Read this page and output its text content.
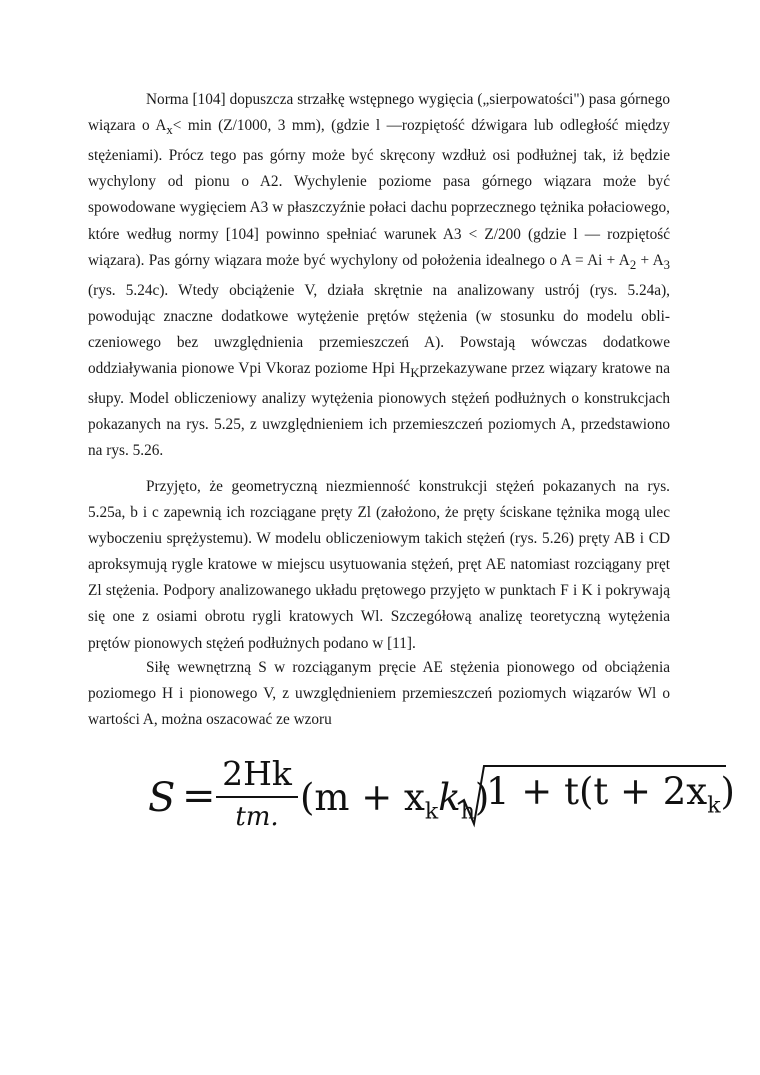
Norma [104] dopuszcza strzałkę wstępnego wygięcia („sierpowatości") pasa górnego wiązara o $A_x< \min (Z/1000$, 3 mm), (gdzie l —rozpiętość dźwigara lub odległość między stężeniami). Prócz tego pas górny może być skręcony wzdłuż osi podłużnej tak, iż będzie wychylony od pionu o A2. Wychylenie poziome pasa górnego wiązara może być spowodowane wygięciem A3 w płaszczyźnie połaci dachu poprzecznego tężnika połaciowego, które według normy [104] powinno spełniać warunek A3 < Z/200 (gdzie l — rozpiętość wiązara). Pas górny wiązara może być wychylony od położenia idealnego o $A = Ai + A_2 + A_3$ (rys. 5.24c). Wtedy obciążenie V, działa skrętnie na analizowany ustrój (rys. 5.24a), powodując znaczne dodatkowe wytężenie prętów stężenia (w stosunku do modelu obli-czeniowego bez uwzględnienia przemieszczeń A). Powstają wówczas dodatkowe oddziaływania pionowe Vpi Vkoraz poziome Hpi $H_Kprzekazywane$ przez wiązary kratowe na słupy. Model obliczeniowy analizy wytężenia pionowych stężeń podłużnych o konstrukcjach pokazanych na rys. 5.25, z uwzględnieniem ich przemieszczeń poziomych A, przedstawiono na rys. 5.26.

Przyjęto, że geometryczną niezmienność konstrukcji stężeń pokazanych na rys. 5.25a, b i c zapewnią ich rozciągane pręty Zl (założono, że pręty ściskane tężnika mogą ulec wyboczeniu sprężystemu). W modelu obliczeniowym takich stężeń (rys. 5.26) pręty AB i CD aproksymują rygle kratowe w miejscu usytuowania stężeń, pręt AE natomiast rozciągany pręt Zl stężenia. Podpory analizowanego układu prętowego przyjęto w punktach F i K i pokrywają się one z osiami obrotu rygli kratowych Wl. Szczegółową analizę teoretyczną wytężenia prętów pionowych stężeń podłużnych podano w [11].

Siłę wewnętrzną S w rozciąganym pręcie AE stężenia pionowego od obciążenia poziomego H i pionowego V, z uwzględnieniem przemieszczeń poziomych wiązarów Wl o wartości A, można oszacować ze wzoru

S = 2Hk
tm. $(m + x_kk_h)$
$1 + t(t + 2x_k)$
